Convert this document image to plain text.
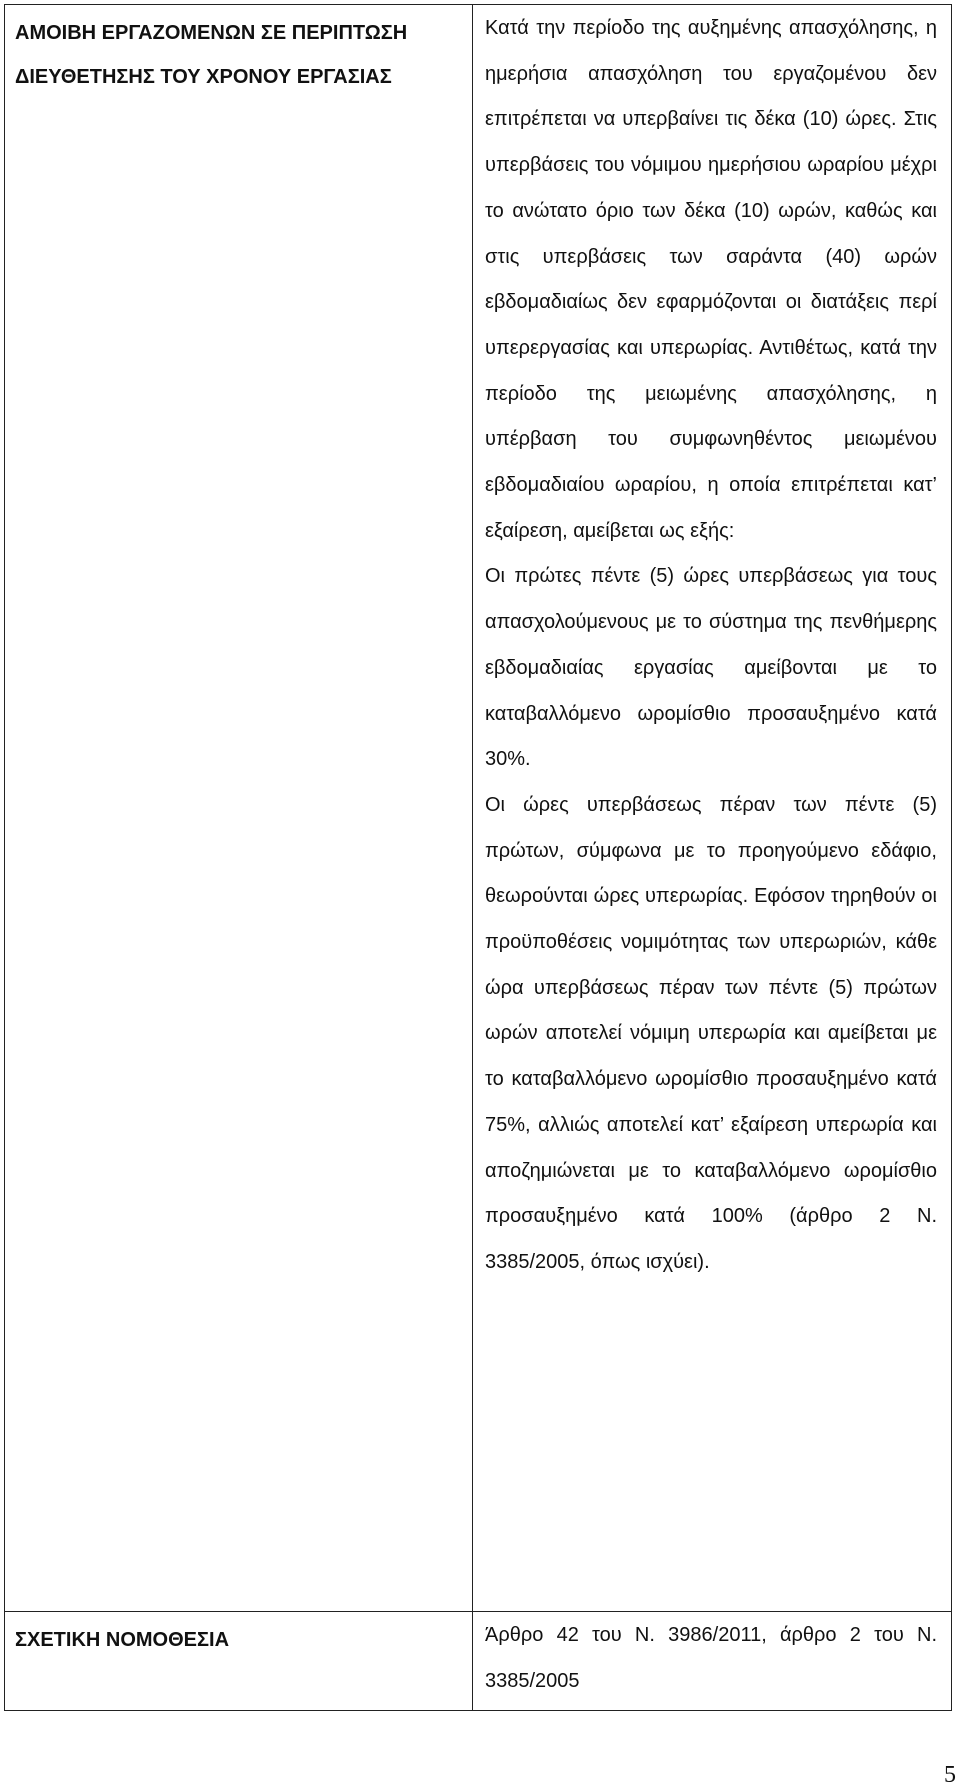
ΑΜΟΙΒΗ ΕΡΓΑΖΟΜΕΝΩΝ ΣΕ ΠΕΡΙΠΤΩΣΗ ΔΙΕΥΘΕΤΗΣΗΣ ΤΟΥ ΧΡΟΝΟΥ ΕΡΓΑΣΙΑΣ	Κατά την περίοδο της αυξημένης απασχόλησης, η ημερήσια απασχόληση του εργαζομένου δεν επιτρέπεται να υπερβαίνει τις δέκα (10) ώρες. Στις υπερβάσεις του νόμιμου ημερήσιου ωραρίου μέχρι το ανώτατο όριο των δέκα (10) ωρών, καθώς και στις υπερβάσεις των σαράντα (40) ωρών εβδομαδιαίως δεν εφαρμόζονται οι διατάξεις περί υπερεργασίας και υπερωρίας. Αντιθέτως, κατά την περίοδο της μειωμένης απασχόλησης, η υπέρβαση του συμφωνηθέντος μειωμένου εβδομαδιαίου ωραρίου, η οποία επιτρέπεται κατ’ εξαίρεση, αμείβεται ως εξής:

Οι πρώτες πέντε (5) ώρες υπερβάσεως για τους απασχολούμενους με το σύστημα της πενθήμερης εβδομαδιαίας εργασίας αμείβονται με το καταβαλλόμενο ωρομίσθιο προσαυξημένο κατά 30%.

Οι ώρες υπερβάσεως πέραν των πέντε (5) πρώτων, σύμφωνα με το προηγούμενο εδάφιο, θεωρούνται ώρες υπερωρίας. Εφόσον τηρηθούν οι προϋποθέσεις νομιμότητας των υπερωριών, κάθε ώρα υπερβάσεως πέραν των πέντε (5) πρώτων ωρών αποτελεί νόμιμη υπερωρία και αμείβεται με το καταβαλλόμενο ωρομίσθιο προσαυξημένο κατά 75%, αλλιώς αποτελεί κατ’ εξαίρεση υπερωρία και αποζημιώνεται με το καταβαλλόμενο ωρομίσθιο προσαυξημένο κατά 100% (άρθρο 2 Ν. 3385/2005, όπως ισχύει).

ΣΧΕΤΙΚΗ ΝΟΜΟΘΕΣΙΑ	Άρθρο 42 του Ν. 3986/2011, άρθρο 2 του Ν. 3385/2005

5
